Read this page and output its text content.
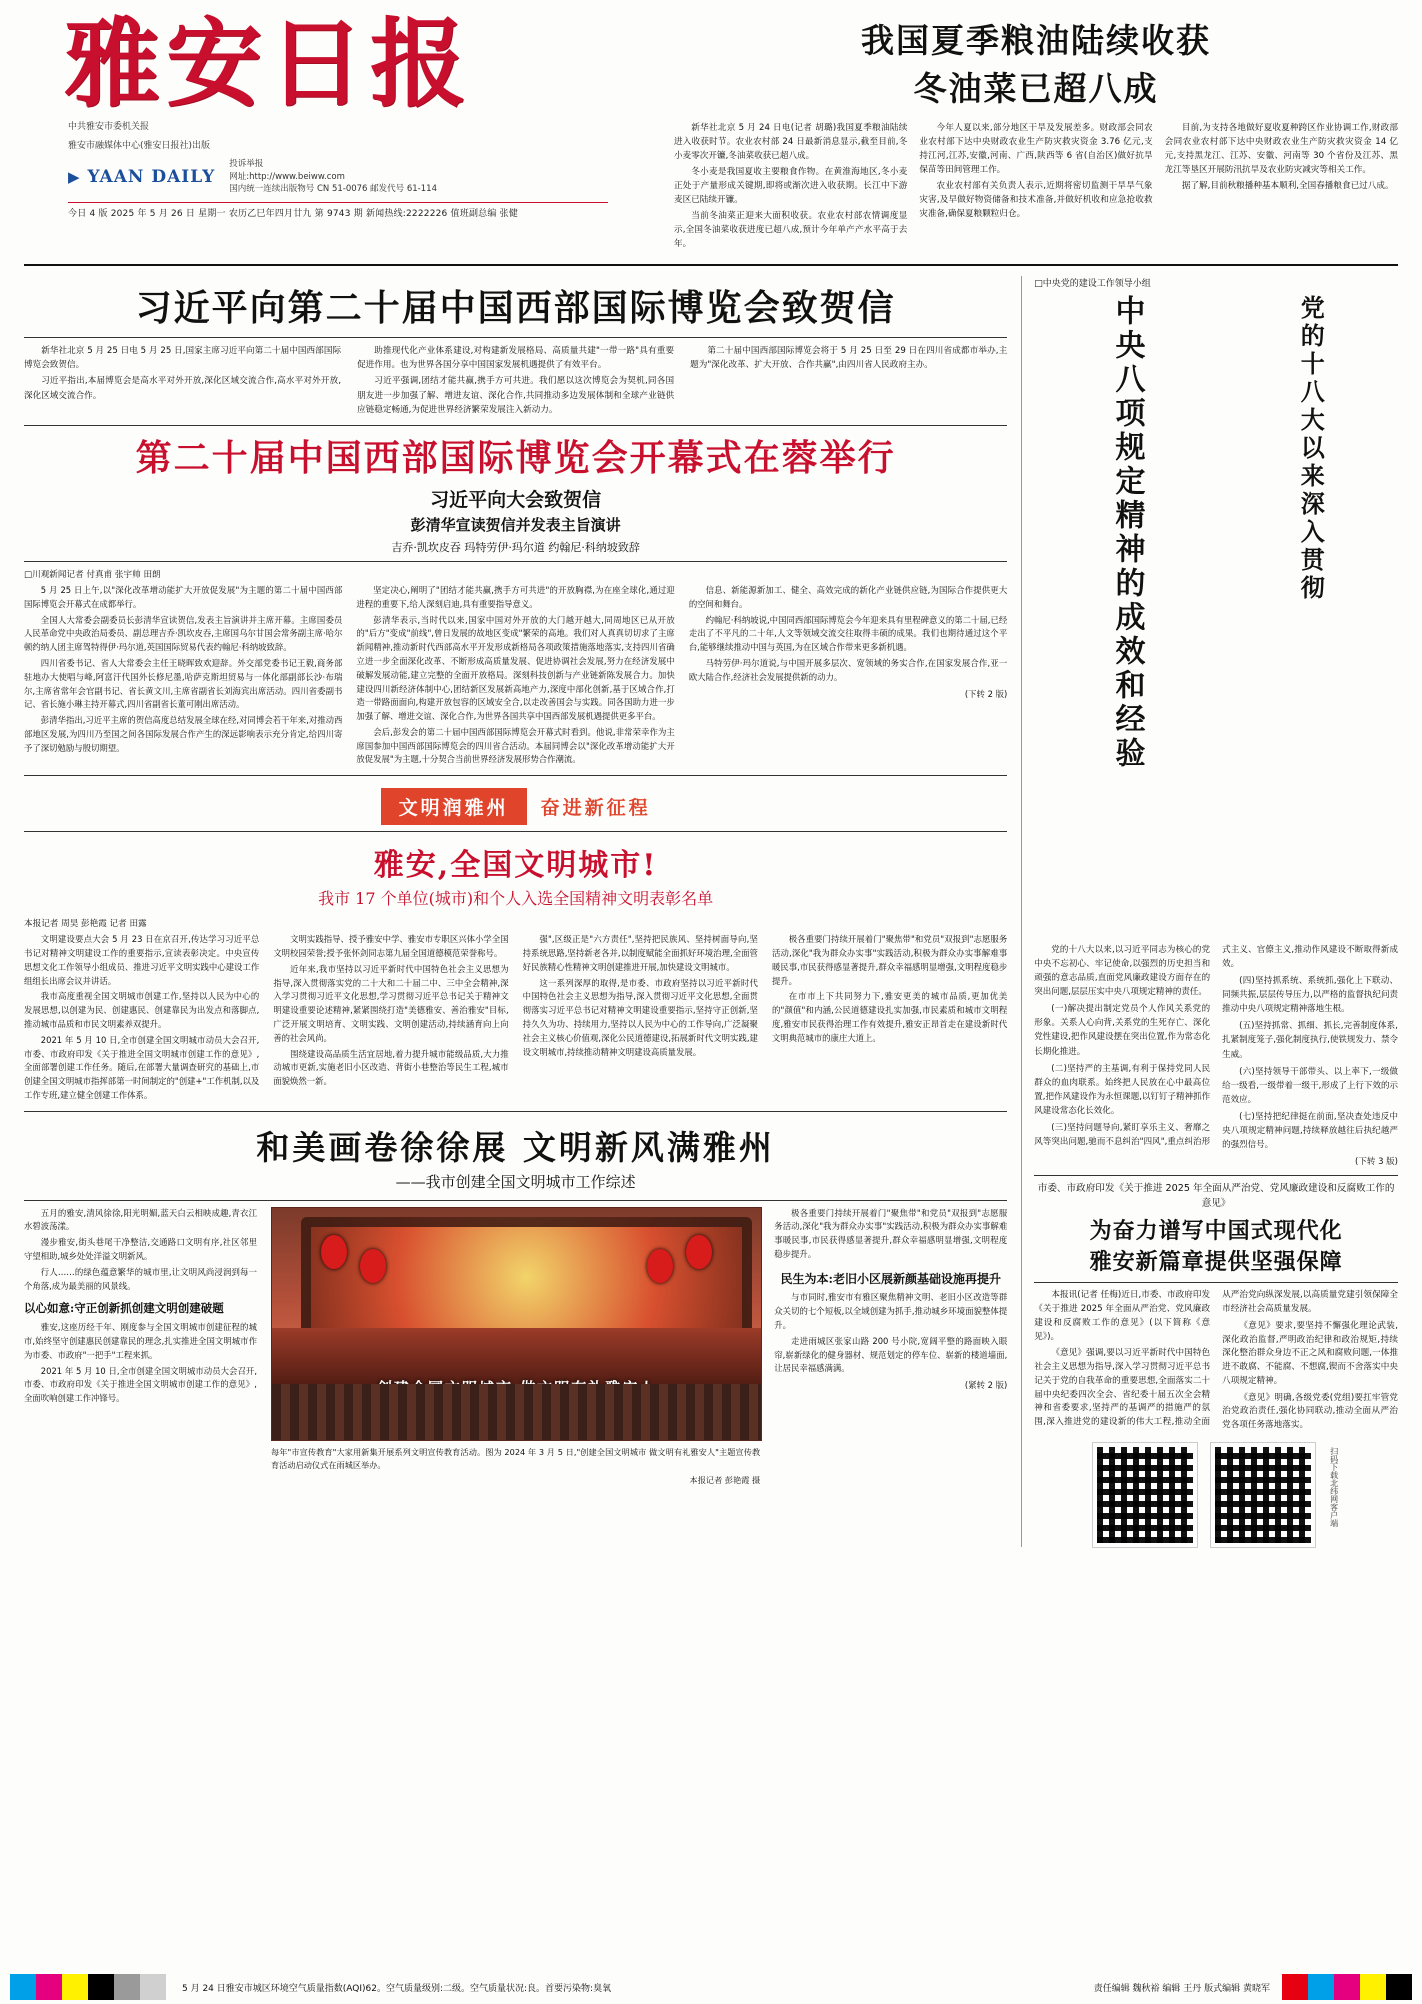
雅安日报
中共雅安市委机关报
雅安市融媒体中心(雅安日报社)出版
▶ YAAN DAILY
投诉举报
网址:http://www.beiww.com
国内统一连续出版物号 CN 51-0076 邮发代号 61-114
今日 4 版 2025 年 5 月 26 日 星期一 农历乙巳年四月廿九 第 9743 期 新闻热线:2222226 值班副总编 张健
我国夏季粮油陆续收获
冬油菜已超八成

新华社北京 5 月 24 日电(记者 胡璐)我国夏季粮油陆续进入收获时节。农业农村部 24 日最新消息显示,截至目前,冬小麦零次开镰,冬油菜收获已超八成。

冬小麦是我国夏收主要粮食作物。在黄淮海地区,冬小麦正处于产量形成关键期,即将或渐次进入收获期。长江中下游麦区已陆续开镰。

当前冬油菜正迎来大面积收获。农业农村部农情调度显示,全国冬油菜收获进度已超八成,预计今年单产产水平高于去年。

今年人夏以来,部分地区干旱及发展差多。财政部会同农业农村部下达中央财政农业生产防灾救灾资金 3.76 亿元,支持江河,江苏,安徽,河南、广西,陕西等 6 省(自治区)做好抗旱保苗等田间管理工作。

农业农村部有关负责人表示,近期将密切监测干旱旱气象灾害,及早做好物资储备和技术准备,并做好机收和应急抢收救灾准备,确保夏粮颗粒归仓。

目前,为支持各地做好夏收夏种跨区作业协调工作,财政部会同农业农村部下达中央财政农业生产防灾救灾资金 14 亿元,支持黑龙江、江苏、安徽、河南等 30 个省份及江苏、黑龙江等垦区开展防汛抗旱及农业防灾减灾等相关工作。

据了解,目前秋粮播种基本顺利,全国春播粮食已过八成。

习近平向第二十届中国西部国际博览会致贺信

新华社北京 5 月 25 日电 5 月 25 日,国家主席习近平向第二十届中国西部国际博览会致贺信。

习近平指出,本届博览会是高水平对外开放,深化区域交流合作,高水平对外开放,深化区域交流合作。

助推现代化产业体系建设,对构建新发展格局、高质量共建"一带一路"具有重要促进作用。也为世界各国分享中国国家发展机遇提供了有效平台。

习近平强调,团结才能共赢,携手方可共进。我们愿以这次博览会为契机,同各国朋友进一步加强了解、增进友谊、深化合作,共同推动多边发展体制和全球产业链供应链稳定畅通,为促进世界经济繁荣发展注入新动力。

第二十届中国西部国际博览会将于 5 月 25 日至 29 日在四川省成都市举办,主题为"深化改革、扩大开放、合作共赢",由四川省人民政府主办。

第二十届中国西部国际博览会开幕式在蓉举行
习近平向大会致贺信
彭清华宣读贺信并发表主旨演讲
吉乔·凯坎皮吞 玛特劳伊·玛尔道 约翰尼·科纳坡致辞
□川观新闻记者 付真甫 张宇帅 田朗

5 月 25 日上午,以"深化改革增动能扩大开放促发展"为主题的第二十届中国西部国际博览会开幕式在成都举行。

全国人大常委会副委员长彭清华宣读贺信,发表主旨演讲并主席开幕。主席国委员人民革命党中央政治局委员、副总理吉乔·凯坎皮吞,主席国乌尔甘国会常务副主席·哈尔顿约纳人团主席驾特得伊·玛尔道,英国国际贸易代表约翰尼·科纳坡致辞。

四川省委书记、省人大常委会主任王晓晖致欢迎辞。外交部党委书记王毅,商务部驻地办大使唱与峰,阿富汗代国外长修尼墨,哈萨克斯坦贸易与一体化部副部长沙·布瑞尔,主席省常年会官副书记、省长黄文川,主席省副省长刘海宾出席活动。四川省委副书记、省长施小琳主持开幕式,四川省副省长董可刚出席活动。

彭清华指出,习近平主席的贺信高度总结发展全球在经,对同博会若干年来,对推动西部地区发展,为四川乃至国之间各国际发展合作产生的深远影响表示充分肯定,给四川寄予了深切勉励与殷切期望。

坚定决心,阐明了"团结才能共赢,携手方可共进"的开放胸襟,为在座全球化,通过迎进程的重要下,给人深刻启迪,具有重要指导意义。

彭清华表示,当时代以来,国家中国对外开放的大门越开越大,同周地区已从开放的"后方"变成"前线",曾日发展的故地区变成"繁荣的高地。我们对人真真切切求了主席新闻精神,推动新时代西部高水平开发形成新格局各项政策措施落地落实,支持四川省确立进一步全面深化改革、不断形成高质量发展、促进协调社会发展,努力在经济发展中破解发展动能,建立完整的全面开放格局。深刻科技创新与产业链新陈发展合力。加快建设四川新经济体制中心,团结新区发展新高地产力,深度中部化创新,基于区域合作,打造一带路面面向,构建开放包容的区域安全合,以走改善国会与实践。同各国助力进一步加强了解、增进交谊、深化合作,为世界各国共享中国西部发展机遇提供更多平台。

会后,彭发会的第二十届中国西部国际博览会开幕式时看到。他说,非常荣幸作为主席国参加中国西部国际博览会的四川省合活动。本届同博会以"深化改革增动能扩大开放促发展"为主题,十分契合当前世界经济发展形势合作潮流。

信息、新能源新加工、健全、高效完成的新化产业链供应链,为国际合作提供更大的空间和舞台。

约翰尼·科纳坡说,中国同西部国际博览会今年迎来具有里程碑意义的第二十届,已经走出了不平凡的二十年,人文等领域交流交往取得丰硕的成果。我们也期待通过这个平台,能够继续推动中国与英国,为在区域合作带来更多新机遇。

马特劳伊·玛尔道说,与中国开展多层次、宽领域的务实合作,在国家发展合作,亚一欧大陆合作,经济社会发展提供新的动力。

(下转 2 版)
文明润雅州	奋进新征程
雅安,全国文明城市!
我市 17 个单位(城市)和个人入选全国精神文明表彰名单
本报记者 周昊 彭艳霞 记者 田露

文明建设要点大会 5 月 23 日在京召开,传达学习习近平总书记对精神文明建设工作的重要指示,宣读表彰决定。中央宣传思想文化工作领导小组成员、推进习近平文明实践中心建设工作组组长出席会议并讲话。

我市高度重视全国文明城市创建工作,坚持以人民为中心的发展思想,以创建为民、创建惠民、创建靠民为出发点和落脚点,推动城市品质和市民文明素养双提升。

2021 年 5 月 10 日,全市创建全国文明城市动员大会召开,市委、市政府印发《关于推进全国文明城市创建工作的意见》,全面部署创建工作任务。随后,在部署大量调查研究的基础上,市创建全国文明城市指挥部第一时间制定的"创建+"工作机制,以及工作专班,建立健全创建工作体系。

文明实践指导、授予雅安中学、雅安市专职区兴体小学全国文明校园荣誉;授予张怀剑同志第九届全国道德模范荣誉称号。

近年来,我市坚持以习近平新时代中国特色社会主义思想为指导,深入贯彻落实党的二十大和二十届二中、三中全会精神,深入学习贯彻习近平文化思想,学习贯彻习近平总书记关于精神文明建设重要论述精神,紧紧围绕打造"美德雅安、善治雅安"目标,广泛开展文明培育、文明实践、文明创建活动,持续涵育向上向善的社会风尚。

围绕建设高品质生活宜居地,着力提升城市能级品质,大力推动城市更新,实施老旧小区改造、背街小巷整治等民生工程,城市面貌焕然一新。

强",区级正是"六方责任",坚持把民族风、坚持树面导向,坚持系统思路,坚持新老各并,以制度赋能全面抓好环境治理,全面管好民族精心性精神文明创建推进开展,加快建设文明城市。

这一系列深厚的取得,是市委、市政府坚持以习近平新时代中国特色社会主义思想为指导,深入贯彻习近平文化思想,全面贯彻落实习近平总书记对精神文明建设重要指示,坚持守正创新,坚持久久为功、持续用力,坚持以人民为中心的工作导向,广泛凝聚社会主义核心价值观,深化公民道德建设,拓展新时代文明实践,建设文明城市,持续推动精神文明建设高质量发展。

极各重要门持续开展着门"聚焦带"和党员"双报到"志愿服务活动,深化"我为群众办实事"实践活动,积极为群众办实事解难事暖民事,市民获得感显著提升,群众幸福感明显增强,文明程度稳步提升。

在市市上下共同努力下,雅安更美的城市品质,更加优美的"颜值"和内涵,公民道德建设扎实加强,市民素质和城市文明程度,雅安市民获得治理工作有效提升,雅安正昂首走在建设新时代文明典范城市的康庄大道上。

和美画卷徐徐展 文明新风满雅州
——我市创建全国文明城市工作综述

五月的雅安,清风徐徐,阳光明媚,蓝天白云相映成趣,青衣江水碧波荡漾。

漫步雅安,街头巷尾干净整洁,交通路口文明有序,社区邻里守望相助,城乡处处洋溢文明新风。

行人……的绿色蕴意繁华的城市里,让文明风尚浸润到每一个角落,成为最美丽的风景线。

以心如意:守正创新抓创建文明创建破题

雅安,这座历经千年、刚度参与全国文明城市创建征程的城市,始终坚守创建惠民创建靠民的理念,扎实推进全国文明城市作为市委、市政府"一把手"工程来抓。

2021 年 5 月 10 日,全市创建全国文明城市动员大会召开,市委、市政府印发《关于推进全国文明城市创建工作的意见》,全面吹响创建工作冲锋号。

每年"市宣传教育"大家用新集开展系列文明宣传教育活动。图为 2024 年 3 月 5 日,"创建全国文明城市 做文明有礼雅安人"主题宣传教育活动启动仪式在雨城区举办。
本报记者 彭艳霞 摄

极各重要门持续开展着门"聚焦带"和党员"双报到"志愿服务活动,深化"我为群众办实事"实践活动,积极为群众办实事解难事暖民事,市民获得感显著提升,群众幸福感明显增强,文明程度稳步提升。

民生为本:老旧小区展新颜基础设施再提升

与市同时,雅安市有雅区聚焦精神文明、老旧小区改造等群众关切的七个短板,以全域创建为抓手,推动城乡环境面貌整体提升。

走进雨城区张家山路 200 号小院,宽阔平整的路面映入眼帘,崭新绿化的健身器材、规范划定的停车位、崭新的楼道墙面,让居民幸福感满满。

(紧转 2 版)
□中央党的建设工作领导小组
中央八项规定精神的成效和经验	党的十八大以来深入贯彻

党的十八大以来,以习近平同志为核心的党中央不忘初心、牢记使命,以强烈的历史担当和顽强的意志品质,直面党风廉政建设方面存在的突出问题,层层压实中央八项规定精神的责任。

(一)解决提出制定党员个人作风关系党的形象。关系人心向背,关系党的生死存亡、深化党性建设,把作风建设摆在突出位置,作为常态化长期化推进。

(二)坚持严的主基调,有利于保持党同人民群众的血肉联系。始终把人民放在心中最高位置,把作风建设作为永恒课题,以钉钉子精神抓作风建设常态化长效化。

(三)坚持问题导向,紧盯享乐主义、奢靡之风等突出问题,驰而不息纠治"四风",重点纠治形式主义、官僚主义,推动作风建设不断取得新成效。

(四)坚持抓系统、系统抓,强化上下联动、同频共振,层层传导压力,以严格的监督执纪问责推动中央八项规定精神落地生根。

(五)坚持抓常、抓细、抓长,完善制度体系,扎紧制度笼子,强化制度执行,使铁规发力、禁令生威。

(六)坚持领导干部带头、以上率下,一级做给一级看,一级带着一级干,形成了上行下效的示范效应。

(七)坚持把纪律挺在前面,坚决查处违反中央八项规定精神问题,持续释放越往后执纪越严的强烈信号。

(下转 3 版)

市委、市政府印发《关于推进 2025 年全面从严治党、党风廉政建设和反腐败工作的意见》
为奋力谱写中国式现代化
雅安新篇章提供坚强保障

本报讯(记者 任梅)近日,市委、市政府印发《关于推进 2025 年全面从严治党、党风廉政建设和反腐败工作的意见》(以下简称《意见》)。

《意见》强调,要以习近平新时代中国特色社会主义思想为指导,深入学习贯彻习近平总书记关于党的自我革命的重要思想,全面落实二十届中央纪委四次全会、省纪委十届五次全会精神和省委要求,坚持严的基调严的措施严的氛围,深入推进党的建设新的伟大工程,推动全面从严治党向纵深发展,以高质量党建引领保障全市经济社会高质量发展。

《意见》要求,要坚持不懈强化理论武装,深化政治监督,严明政治纪律和政治规矩,持续深化整治群众身边不正之风和腐败问题,一体推进不敢腐、不能腐、不想腐,锲而不舍落实中央八项规定精神。

《意见》明确,各级党委(党组)要扛牢管党治党政治责任,强化协同联动,推动全面从严治党各项任务落地落实。

扫码下载北纬网客户端
5 月 24 日雅安市城区环境空气质量指数(AQI)62。空气质量级别:二级。空气质量状况:良。首要污染物:臭氧	责任编辑 魏秋裕 编辑 王丹 版式编辑 黄晓军
